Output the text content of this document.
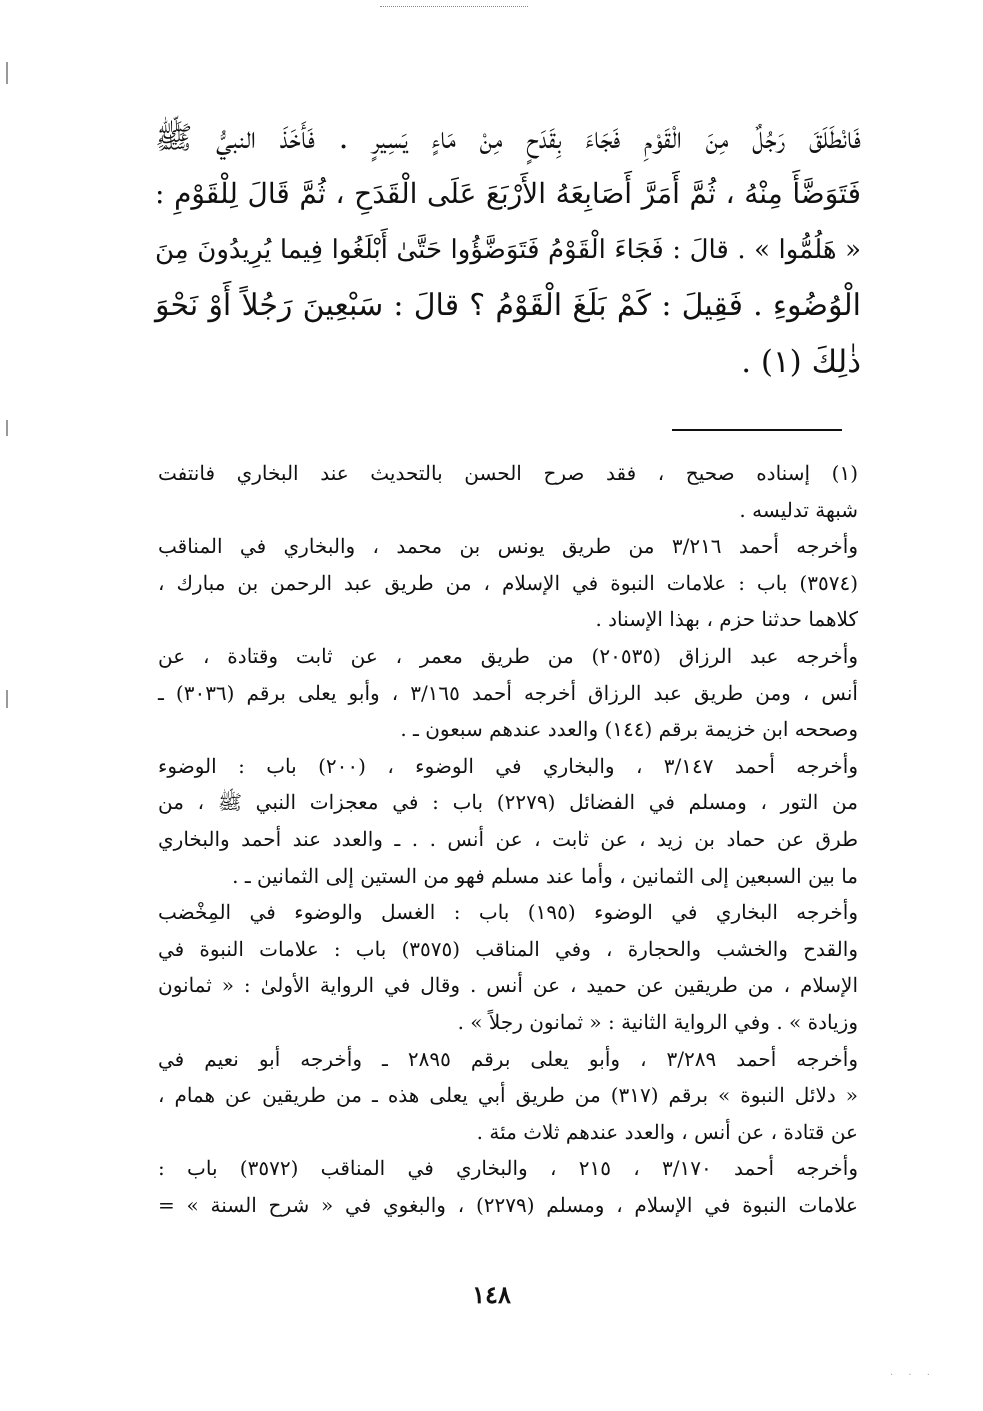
فَانْطَلَقَ رَجُلٌ مِنَ الْقَوْمِ فَجَاءَ بِقَدَحٍ مِنْ مَاءٍ يَسِيرٍ . فَأَخَذَ النبيُّ ﷺ

فَتَوَضَّأَ مِنْهُ ، ثُمَّ أَمَرَّ أَصَابِعَهُ الأَرْبَعَ عَلَى الْقَدَحِ ، ثُمَّ قَالَ لِلْقَوْمِ :

« هَلُمُّوا » . قالَ : فَجَاءَ الْقَوْمُ فَتَوَضَّؤُوا حَتَّىٰ أَبْلَغُوا فِيما يُرِيدُونَ مِنَ

الْوُضُوءِ . فَقِيلَ : كَمْ بَلَغَ الْقَوْمُ ؟ قالَ : سَبْعِينَ رَجُلاً أَوْ نَحْوَ

ذٰلِكَ (١) .

(١) إسناده صحيح ، فقد صرح الحسن بالتحديث عند البخاري فانتفت

شبهة تدليسه .

وأخرجه أحمد ٣/٢١٦ من طريق يونس بن محمد ، والبخاري في المناقب

(٣٥٧٤) باب : علامات النبوة في الإسلام ، من طريق عبد الرحمن بن مبارك ،

كلاهما حدثنا حزم ، بهذا الإسناد .

وأخرجه عبد الرزاق (٢٠٥٣٥) من طريق معمر ، عن ثابت وقتادة ، عن

أنس ، ومن طريق عبد الرزاق أخرجه أحمد ٣/١٦٥ ، وأبو يعلى برقم (٣٠٣٦) ـ

وصححه ابن خزيمة برقم (١٤٤) والعدد عندهم سبعون ـ .

وأخرجه أحمد ٣/١٤٧ ، والبخاري في الوضوء ، (٢٠٠) باب : الوضوء

من التور ، ومسلم في الفضائل (٢٢٧٩) باب : في معجزات النبي ﷺ ، من

طرق عن حماد بن زيد ، عن ثابت ، عن أنس . . ـ والعدد عند أحمد والبخاري

ما بين السبعين إلى الثمانين ، وأما عند مسلم فهو من الستين إلى الثمانين ـ .

وأخرجه البخاري في الوضوء (١٩٥) باب : الغسل والوضوء في المِخْضب

والقدح والخشب والحجارة ، وفي المناقب (٣٥٧٥) باب : علامات النبوة في

الإسلام ، من طريقين عن حميد ، عن أنس . وقال في الرواية الأولىٰ : « ثمانون

وزيادة » . وفي الرواية الثانية : « ثمانون رجلاً » .

وأخرجه أحمد ٣/٢٨٩ ، وأبو يعلى برقم ٢٨٩٥ ـ وأخرجه أبو نعيم في

« دلائل النبوة » برقم (٣١٧) من طريق أبي يعلى هذه ـ من طريقين عن همام ،

عن قتادة ، عن أنس ، والعدد عندهم ثلاث مئة .

وأخرجه أحمد ٣/١٧٠ ، ٢١٥ ، والبخاري في المناقب (٣٥٧٢) باب :

علامات النبوة في الإسلام ، ومسلم (٢٢٧٩) ، والبغوي في « شرح السنة » =

١٤٨
· · ·
